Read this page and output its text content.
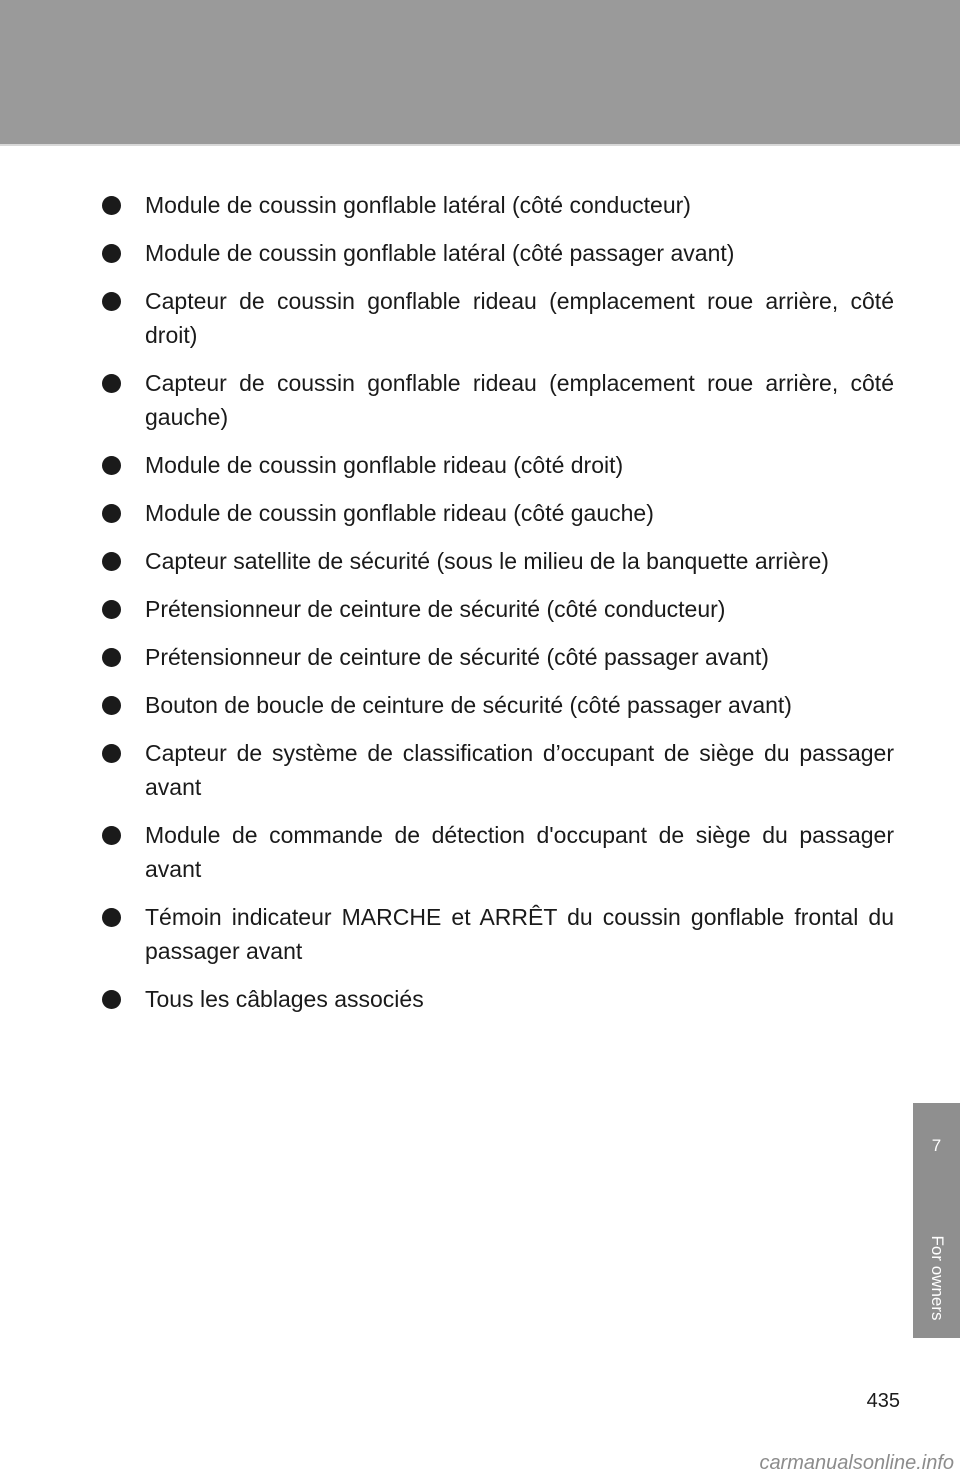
Module de coussin gonflable latéral (côté conducteur)
Module de coussin gonflable latéral (côté passager avant)
Capteur de coussin gonflable rideau (emplacement roue arrière, côté droit)
Capteur de coussin gonflable rideau (emplacement roue arrière, côté gauche)
Module de coussin gonflable rideau (côté droit)
Module de coussin gonflable rideau (côté gauche)
Capteur satellite de sécurité (sous le milieu de la banquette arrière)
Prétensionneur de ceinture de sécurité (côté conducteur)
Prétensionneur de ceinture de sécurité (côté passager avant)
Bouton de boucle de ceinture de sécurité (côté passager avant)
Capteur de système de classification d’occupant de siège du passager avant
Module de commande de détection d'occupant de siège du passager avant
Témoin indicateur MARCHE et ARRÊT du coussin gonflable frontal du passager avant
Tous les câblages associés
7
For owners
435
carmanualsonline.info
